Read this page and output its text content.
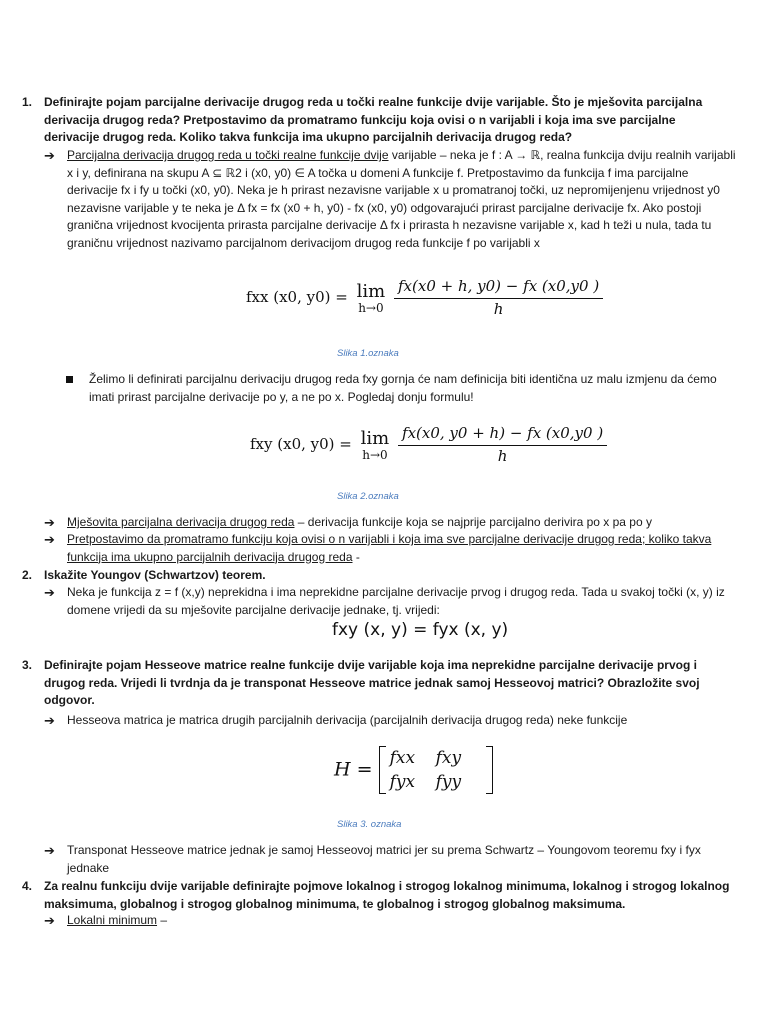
1. Definirajte pojam parcijalne derivacije drugog reda u točki realne funkcije dvije varijable. Što je mješovita parcijalna derivacija drugog reda? Pretpostavimo da promatramo funkciju koja ovisi o n varijabli i koja ima sve parcijalne derivacije drugog reda. Koliko takva funkcija ima ukupno parcijalnih derivacija drugog reda?
➔ Parcijalna derivacija drugog reda u točki realne funkcije dvije varijable – neka je f : A → ℝ, realna funkcija dviju realnih varijabli x i y, definirana na skupu A ⊆ ℝ2 i (x0, y0) ∈ A točka u domeni A funkcije f. Pretpostavimo da funkcija f ima parcijalne derivacije fx i fy u točki (x0, y0). Neka je h prirast nezavisne varijable x u promatranoj točki, uz nepromijenjenu vrijednost y0 nezavisne varijable y te neka je Δ fx = fx (x0 + h, y0) - fx (x0, y0) odgovarajući prirast parcijalne derivacije fx. Ako postoji granična vrijednost kvocijenta prirasta parcijalne derivacije Δ fx i prirasta h nezavisne varijable x, kad h teži u nula, tada tu graničnu vrijednost nazivamo parcijalnom derivacijom drugog reda funkcije f po varijabli x
fxx (x0, y0) = lim
h→0
$\frac{fx(x0 + h, y0) - fx (x0,y0 )}{h}$
Slika 1.oznaka
Želimo li definirati parcijalnu derivaciju drugog reda fxy gornja će nam definicija biti identična uz malu izmjenu da ćemo imati prirast parcijalne derivacije po y, a ne po x. Pogledaj donju formulu!
fxy (x0, y0) = lim
h→0
$\frac{fx(x0, y0 + h) - fx (x0,y0 )}{h}$
Slika 2.oznaka
➔ Mješovita parcijalna derivacija drugog reda – derivacija funkcije koja se najprije parcijalno derivira po x pa po y
➔ Pretpostavimo da promatramo funkciju koja ovisi o n varijabli i koja ima sve parcijalne derivacije drugog reda; koliko takva funkcija ima ukupno parcijalnih derivacija drugog reda -
2. Iskažite Youngov (Schwartzov) teorem.
➔ Neka je funkcija z = f (x,y) neprekidna i ima neprekidne parcijalne derivacije prvog i drugog reda. Tada u svakoj točki (x, y) iz domene vrijedi da su mješovite parcijalne derivacije jednake, tj. vrijedi:
fxy (x, y) = fyx (x, y)
3. Definirajte pojam Hesseove matrice realne funkcije dvije varijable koja ima neprekidne parcijalne derivacije prvog i drugog reda. Vrijedi li tvrdnja da je transponat Hesseove matrice jednak samoj Hesseovoj matrici? Obrazložite svoj odgovor.
➔ Hesseova matrica je matrica drugih parcijalnih derivacija (parcijalnih derivacija drugog reda) neke funkcije
H =
fxx	fxy
fyx	fyy
Slika 3. oznaka
➔ Transponat Hesseove matrice jednak je samoj Hesseovoj matrici jer su prema Schwartz – Youngovom teoremu fxy i fyx jednake
4. Za realnu funkciju dvije varijable definirajte pojmove lokalnog i strogog lokalnog minimuma, lokalnog i strogog lokalnog maksimuma, globalnog i strogog globalnog minimuma, te globalnog i strogog globalnog maksimuma.
➔ Lokalni minimum –
